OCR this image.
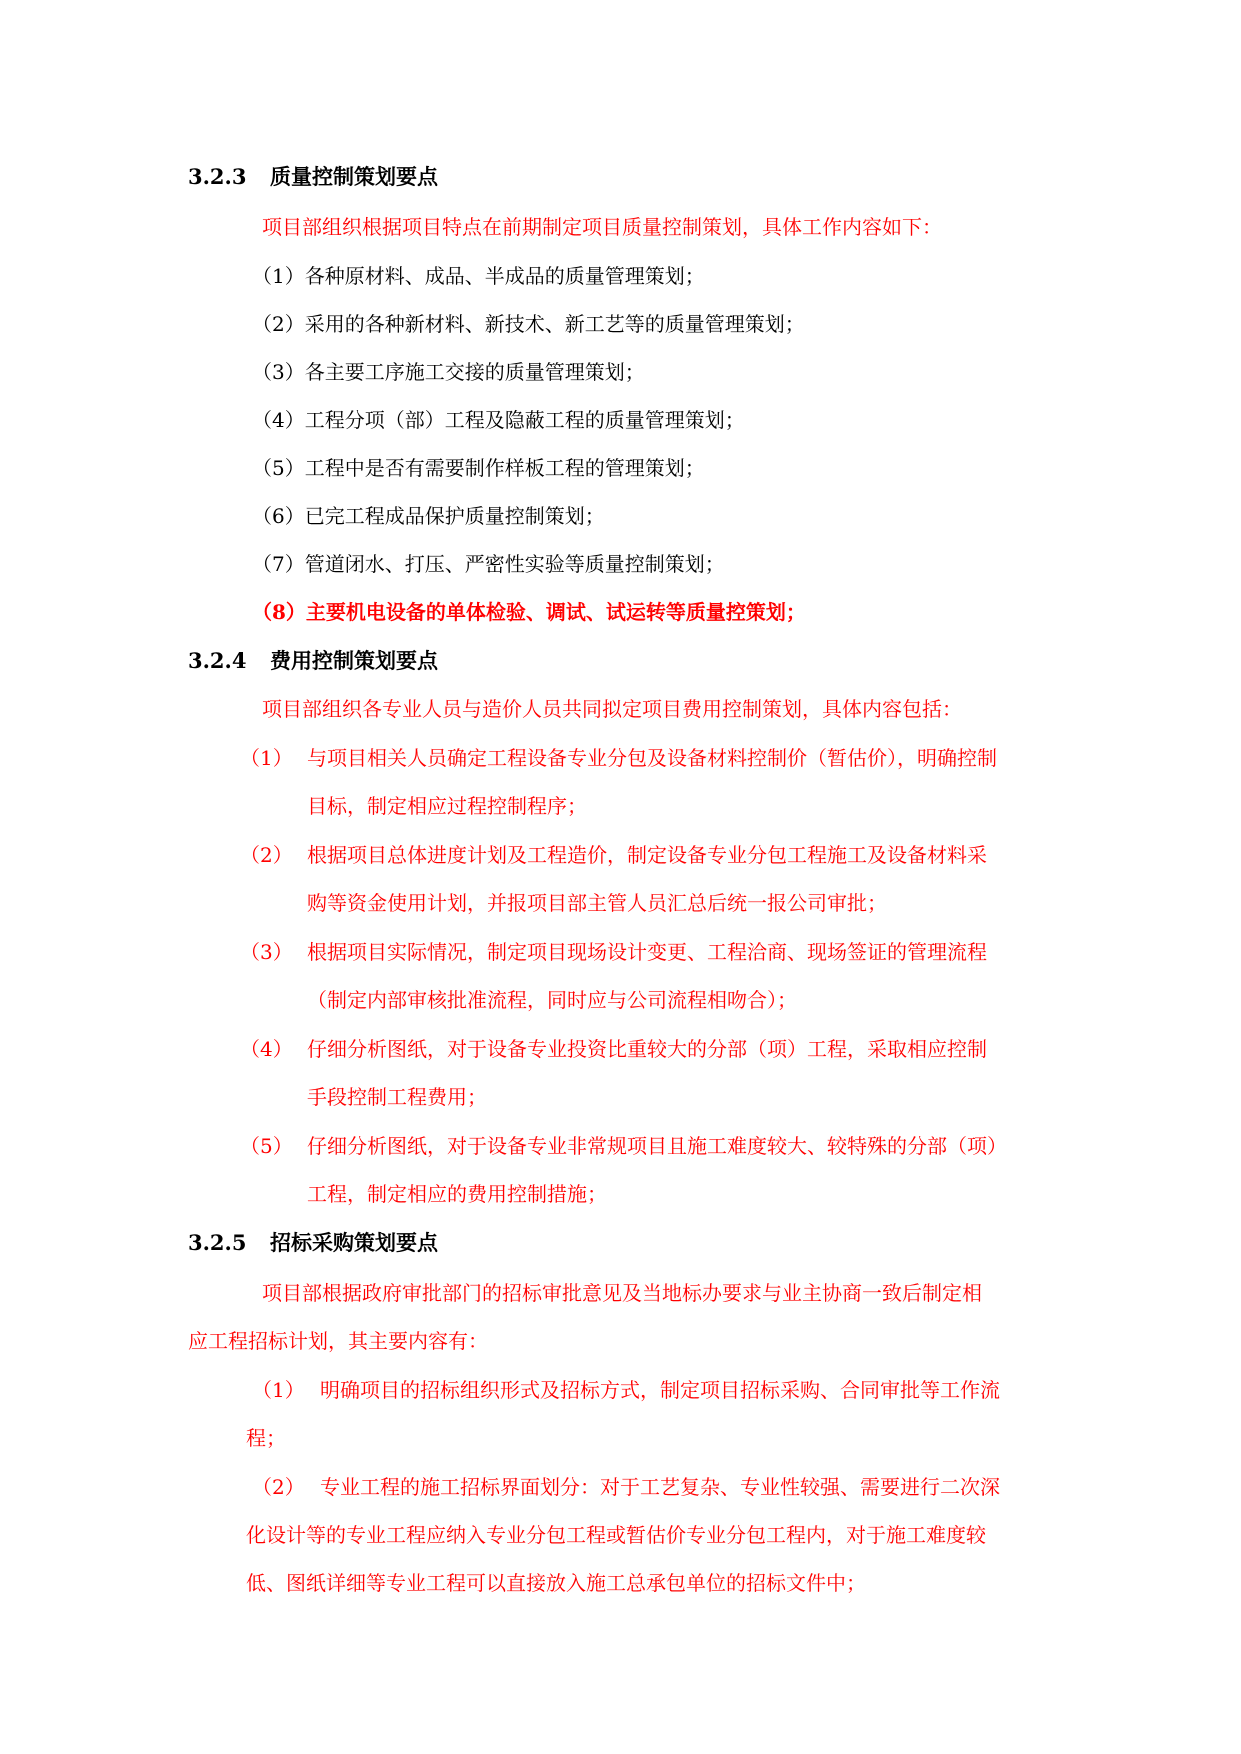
3.2.3 质量控制策划要点
项目部组织根据项目特点在前期制定项目质量控制策划，具体工作内容如下：
（1）各种原材料、成品、半成品的质量管理策划；
（2）采用的各种新材料、新技术、新工艺等的质量管理策划；
（3）各主要工序施工交接的质量管理策划；
（4）工程分项（部）工程及隐蔽工程的质量管理策划；
（5）工程中是否有需要制作样板工程的管理策划；
（6）已完工程成品保护质量控制策划；
（7）管道闭水、打压、严密性实验等质量控制策划；
（8）主要机电设备的单体检验、调试、试运转等质量控策划；
3.2.4 费用控制策划要点
项目部组织各专业人员与造价人员共同拟定项目费用控制策划，具体内容包括：
（1） 与项目相关人员确定工程设备专业分包及设备材料控制价（暂估价），明确控制
目标，制定相应过程控制程序；
（2） 根据项目总体进度计划及工程造价，制定设备专业分包工程施工及设备材料采
购等资金使用计划，并报项目部主管人员汇总后统一报公司审批；
（3） 根据项目实际情况，制定项目现场设计变更、工程洽商、现场签证的管理流程
（制定内部审核批准流程，同时应与公司流程相吻合）；
（4） 仔细分析图纸，对于设备专业投资比重较大的分部（项）工程，采取相应控制
手段控制工程费用；
（5） 仔细分析图纸，对于设备专业非常规项目且施工难度较大、较特殊的分部（项）
工程，制定相应的费用控制措施；
3.2.5 招标采购策划要点
项目部根据政府审批部门的招标审批意见及当地标办要求与业主协商一致后制定相
应工程招标计划，其主要内容有：
（1） 明确项目的招标组织形式及招标方式，制定项目招标采购、合同审批等工作流
程；
（2） 专业工程的施工招标界面划分：对于工艺复杂、专业性较强、需要进行二次深
化设计等的专业工程应纳入专业分包工程或暂估价专业分包工程内，对于施工难度较
低、图纸详细等专业工程可以直接放入施工总承包单位的招标文件中；
